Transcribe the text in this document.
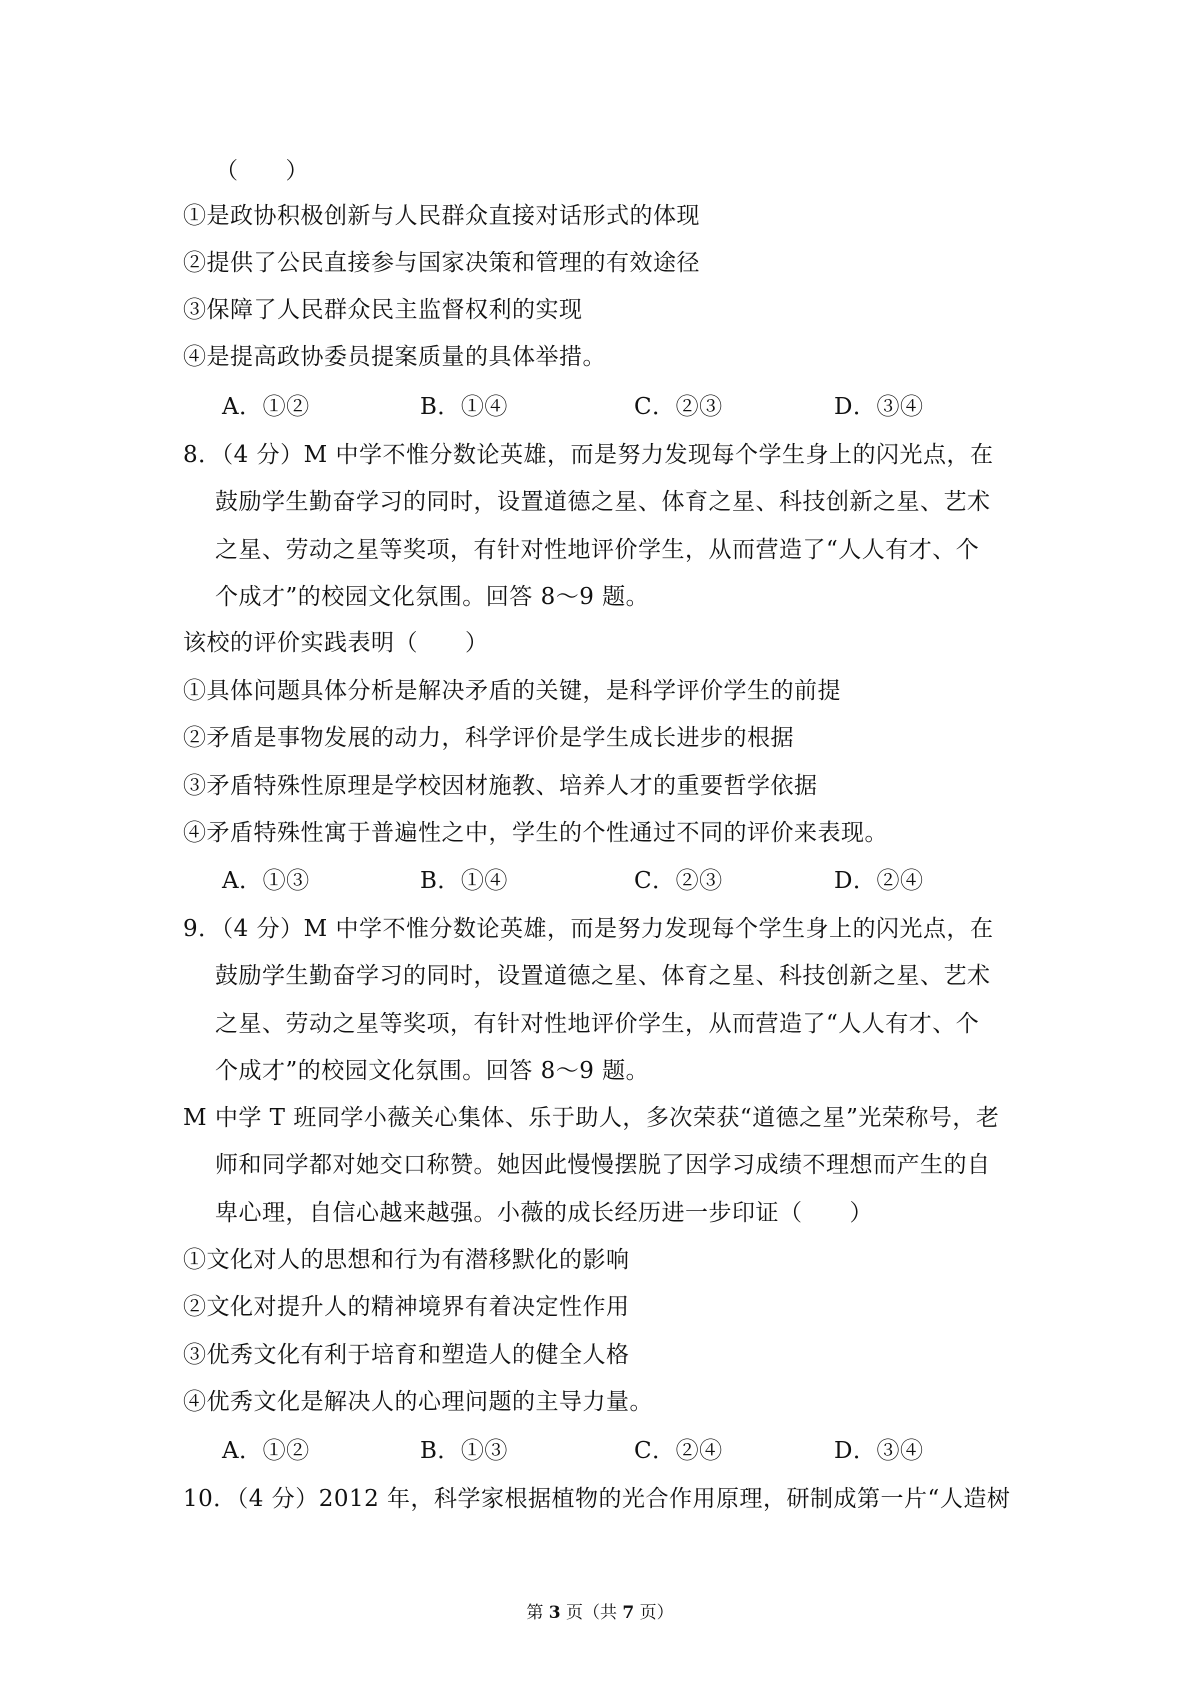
（　　）
①是政协积极创新与人民群众直接对话形式的体现
②提供了公民直接参与国家决策和管理的有效途径
③保障了人民群众民主监督权利的实现
④是提高政协委员提案质量的具体举措。
A．①②	B．①④	C．②③	D．③④
8．（4 分）M 中学不惟分数论英雄，而是努力发现每个学生身上的闪光点，在
鼓励学生勤奋学习的同时，设置道德之星、体育之星、科技创新之星、艺术
之星、劳动之星等奖项，有针对性地评价学生，从而营造了“人人有才、个
个成才”的校园文化氛围。回答 8～9 题。
该校的评价实践表明（　　）
①具体问题具体分析是解决矛盾的关键，是科学评价学生的前提
②矛盾是事物发展的动力，科学评价是学生成长进步的根据
③矛盾特殊性原理是学校因材施教、培养人才的重要哲学依据
④矛盾特殊性寓于普遍性之中，学生的个性通过不同的评价来表现。
A．①③	B．①④	C．②③	D．②④
9．（4 分）M 中学不惟分数论英雄，而是努力发现每个学生身上的闪光点，在
鼓励学生勤奋学习的同时，设置道德之星、体育之星、科技创新之星、艺术
之星、劳动之星等奖项，有针对性地评价学生，从而营造了“人人有才、个
个成才”的校园文化氛围。回答 8～9 题。
M 中学 T 班同学小薇关心集体、乐于助人，多次荣获“道德之星”光荣称号，老
师和同学都对她交口称赞。她因此慢慢摆脱了因学习成绩不理想而产生的自
卑心理，自信心越来越强。小薇的成长经历进一步印证（　　）
①文化对人的思想和行为有潜移默化的影响
②文化对提升人的精神境界有着决定性作用
③优秀文化有利于培育和塑造人的健全人格
④优秀文化是解决人的心理问题的主导力量。
A．①②	B．①③	C．②④	D．③④
10．（4 分）2012 年，科学家根据植物的光合作用原理，研制成第一片“人造树
第 3 页（共 7 页）
